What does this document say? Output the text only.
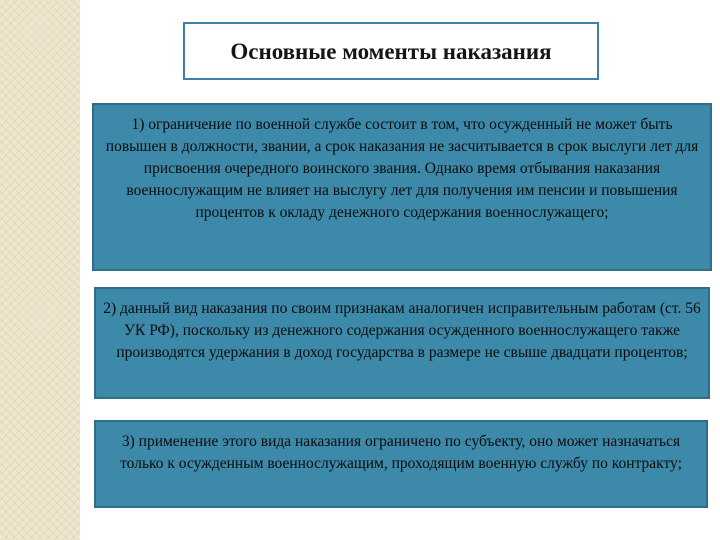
Основные моменты наказания
1) ограничение по военной службе состоит в том, что осужденный не может быть повышен в должности, звании, а срок наказания не засчитывается в срок выслуги лет для присвоения очередного воинского звания. Однако время отбывания наказания военнослужащим не влияет на выслугу лет для получения им пенсии и повышения процентов к окладу денежного содержания военнослужащего;
2) данный вид наказания по своим признакам аналогичен исправительным работам (ст. 56 УК РФ), поскольку из денежного содержания осужденного военнослужащего также производятся удержания в доход государства в размере не свыше двадцати процентов;
3) применение этого вида наказания ограничено по субъекту, оно может назначаться только к осужденным военнослужащим, проходящим военную службу по контракту;
